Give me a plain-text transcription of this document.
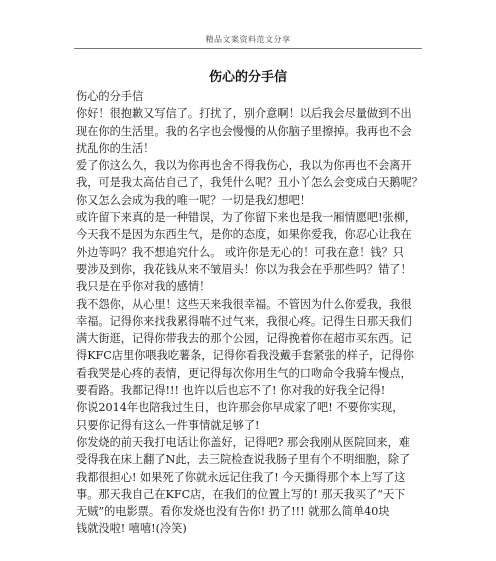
精品文案资料范文分享
伤心的分手信

伤心的分手信

你好！很抱歉又写信了。打扰了，别介意啊！以后我会尽量做到不出

现在你的生活里。我的名字也会慢慢的从你脑子里擦掉。我再也不会

扰乱你的生活！

爱了你这么久，我以为你再也舍不得我伤心，我以为你再也不会离开

我，可是我太高估自己了，我凭什么呢？丑小丫怎么会变成白天鹅呢？

你又怎么会成为我的唯一呢？一切是我幻想吧！

或许留下来真的是一种错误，为了你留下来也是我一厢情愿吧!张柳，

今天我不是因为东西生气，是你的态度，如果你爱我，你忍心让我在

外边等吗？我不想追究什么。 或许你是无心的！可我在意！钱？只

要涉及到你，我花钱从来不皱眉头！你以为我会在乎那些吗？错了！

我只是在乎你对我的感情！

我不怨你，从心里！这些天来我很幸福。不管因为什么你爱我，我很

幸福。记得你来找我累得喘不过气来，我很心疼。记得生日那天我们

满大街逛，记得你带我去的那个公园，记得挽着你在超市买东西。记

得KFC店里你喂我吃薯条，记得你看我没戴手套紧张的样子，记得你

看我哭是心疼的表情，更记得每次你用生气的口吻命令我骑车慢点，

要看路。我都记得!!! 也许以后也忘不了! 你对我的好我全记得!

你说2014年也陪我过生日，也许那会你早成家了吧! 不要你实现，

只要你记得有这么一件事情就足够了!

你发烧的前天我打电话让你盖好，记得吧? 那会我刚从医院回来，难

受得我在床上翻了N此，去三院检查说我肠子里有个不明细胞，除了

我都很担心! 如果死了你就永远记住我了! 今天撕得那个本上写了这

事。那天我自己在KFC店，在我们的位置上写的! 那天我买了“天下

无贼”的电影票。看你发烧也没有告你! 扔了!!! 就那么简单40块

钱就没啦! 嘻嘻!(冷笑)
